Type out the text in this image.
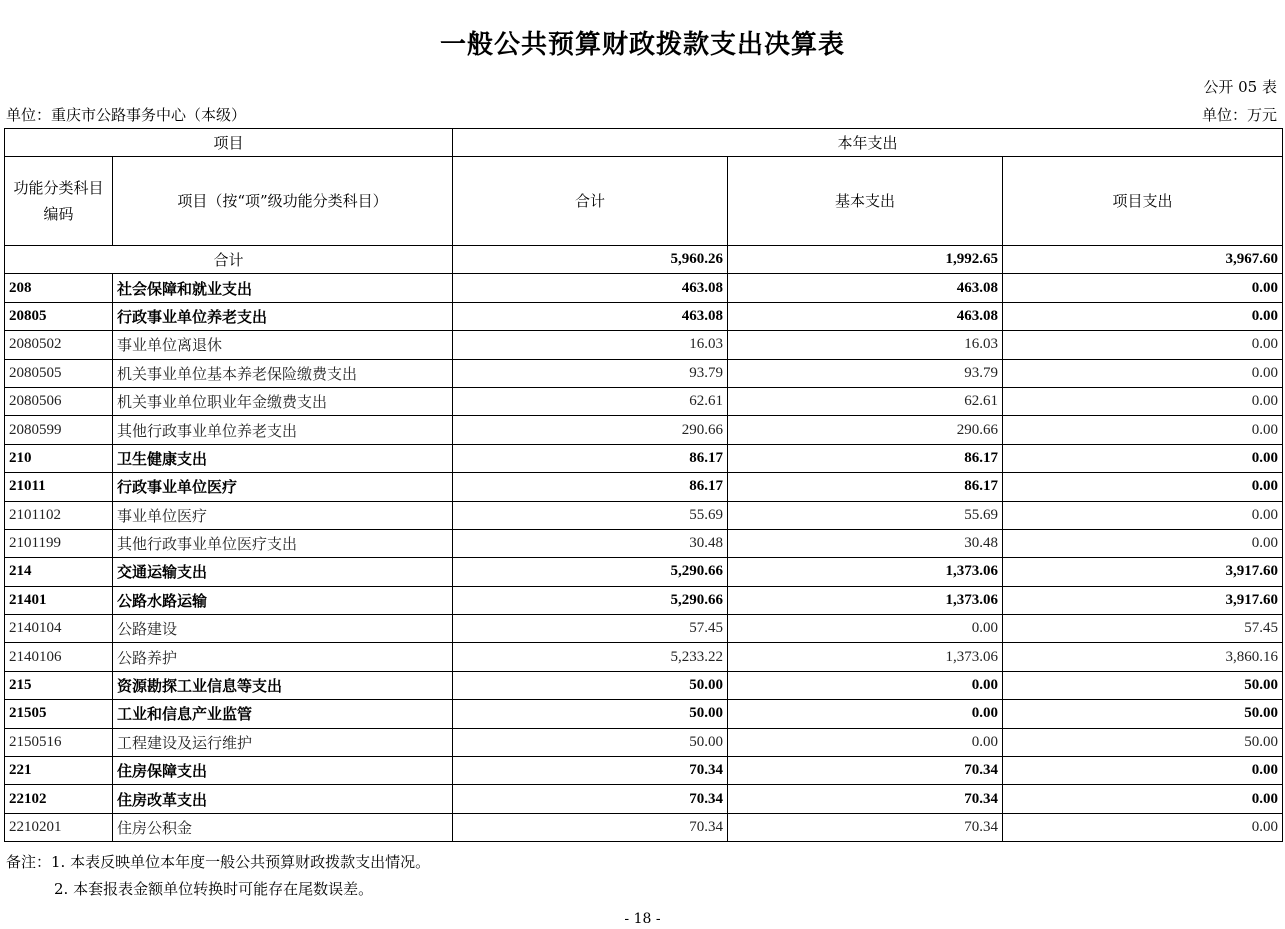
一般公共预算财政拨款支出决算表
公开 05 表
单位：重庆市公路事务中心（本级）	单位：万元
项目		本年支出		
功能分类科目编码	项目（按“项”级功能分类科目）	合计	基本支出	项目支出
合计		5,960.26	1,992.65	3,967.60
208	社会保障和就业支出	463.08	463.08	0.00
20805	行政事业单位养老支出	463.08	463.08	0.00
2080502	事业单位离退休	16.03	16.03	0.00
2080505	机关事业单位基本养老保险缴费支出	93.79	93.79	0.00
2080506	机关事业单位职业年金缴费支出	62.61	62.61	0.00
2080599	其他行政事业单位养老支出	290.66	290.66	0.00
210	卫生健康支出	86.17	86.17	0.00
21011	行政事业单位医疗	86.17	86.17	0.00
2101102	事业单位医疗	55.69	55.69	0.00
2101199	其他行政事业单位医疗支出	30.48	30.48	0.00
214	交通运输支出	5,290.66	1,373.06	3,917.60
21401	公路水路运输	5,290.66	1,373.06	3,917.60
2140104	公路建设	57.45	0.00	57.45
2140106	公路养护	5,233.22	1,373.06	3,860.16
215	资源勘探工业信息等支出	50.00	0.00	50.00
21505	工业和信息产业监管	50.00	0.00	50.00
2150516	工程建设及运行维护	50.00	0.00	50.00
221	住房保障支出	70.34	70.34	0.00
22102	住房改革支出	70.34	70.34	0.00
2210201	住房公积金	70.34	70.34	0.00
备注：1. 本表反映单位本年度一般公共预算财政拨款支出情况。
2. 本套报表金额单位转换时可能存在尾数误差。
- 18 -
